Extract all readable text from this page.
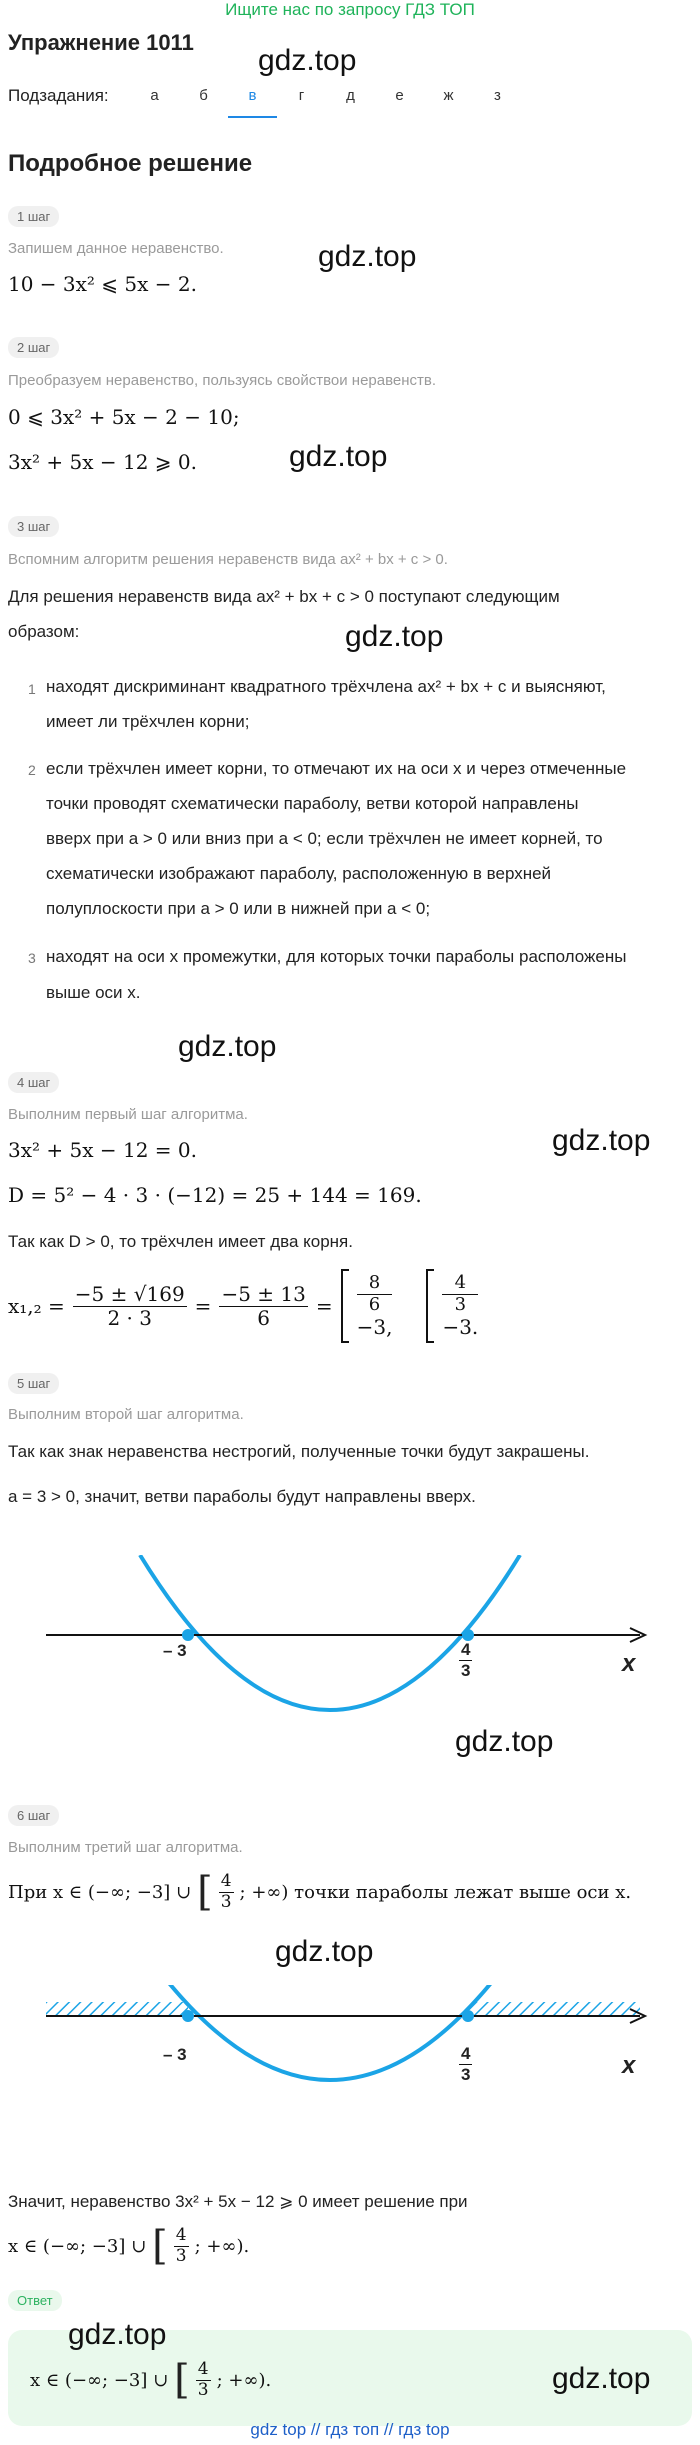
Ищите нас по запросу ГДЗ ТОП
Упражнение 1011
gdz.top
Подзадания:	а	б	в	г	д	е	ж	з
Подробное решение
1 шаг
Запишем данное неравенство.	gdz.top
10 − 3x² ⩽ 5x − 2.
2 шаг
Преобразуем неравенство, пользуясь свойствои неравенств.
0 ⩽ 3x² + 5x − 2 − 10;
3x² + 5x − 12 ⩾ 0.	gdz.top
3 шаг
Вспомним алгоритм решения неравенств вида ax² + bx + c > 0.
Для решения неравенств вида ax² + bx + c > 0 поступают следующим
образом:	gdz.top
1 находят дискриминант квадратного трёхчлена ax² + bx + c и выясняют,
имеет ли трёхчлен корни;
2 если трёхчлен имеет корни, то отмечают их на оси x и через отмеченные
точки проводят схематически параболу, ветви которой направлены
вверх при a > 0 или вниз при a < 0; если трёхчлен не имеет корней, то
схематически изображают параболу, расположенную в верхней
полуплоскости при a > 0 или в нижней при a < 0;
3 находят на оси x промежутки, для которых точки параболы расположены
выше оси x.
gdz.top
4 шаг
Выполним первый шаг алгоритма.
gdz.top
3x² + 5x − 12 = 0.
D = 5² − 4 · 3 · (−12) = 25 + 144 = 169.
Так как D > 0, то трёхчлен имеет два корня.
$x_1,_2 = \frac{-5 \pm √169}{2 \cdot 3} = \frac{-5 \pm 13}{6} = \frac{8}{6}$
−3,
$\frac{4}{3}$
−3.
5 шаг
Выполним второй шаг алгоритма.
Так как знак неравенства нестрогий, полученные точки будут закрашены.
a = 3 > 0, значит, ветви параболы будут направлены вверх.
– 3	$\frac{4}{3}$	x
gdz.top
6 шаг
Выполним третий шаг алгоритма.
При x ∈ (−∞; −3] ∪ [ $\frac{4}{3}$ ; +∞) точки параболы лежат выше оси x.
gdz.top
– 3	$\frac{4}{3}$	x
Значит, неравенство 3x² + 5x − 12 ⩾ 0 имеет решение при
x ∈ (−∞; −3] ∪ [ $\frac{4}{3}$ ; +∞).
Ответ
gdz.top
x ∈ (−∞; −3] ∪ [ $\frac{4}{3}$ ; +∞).	gdz.top
gdz top // гдз топ // гдз top
